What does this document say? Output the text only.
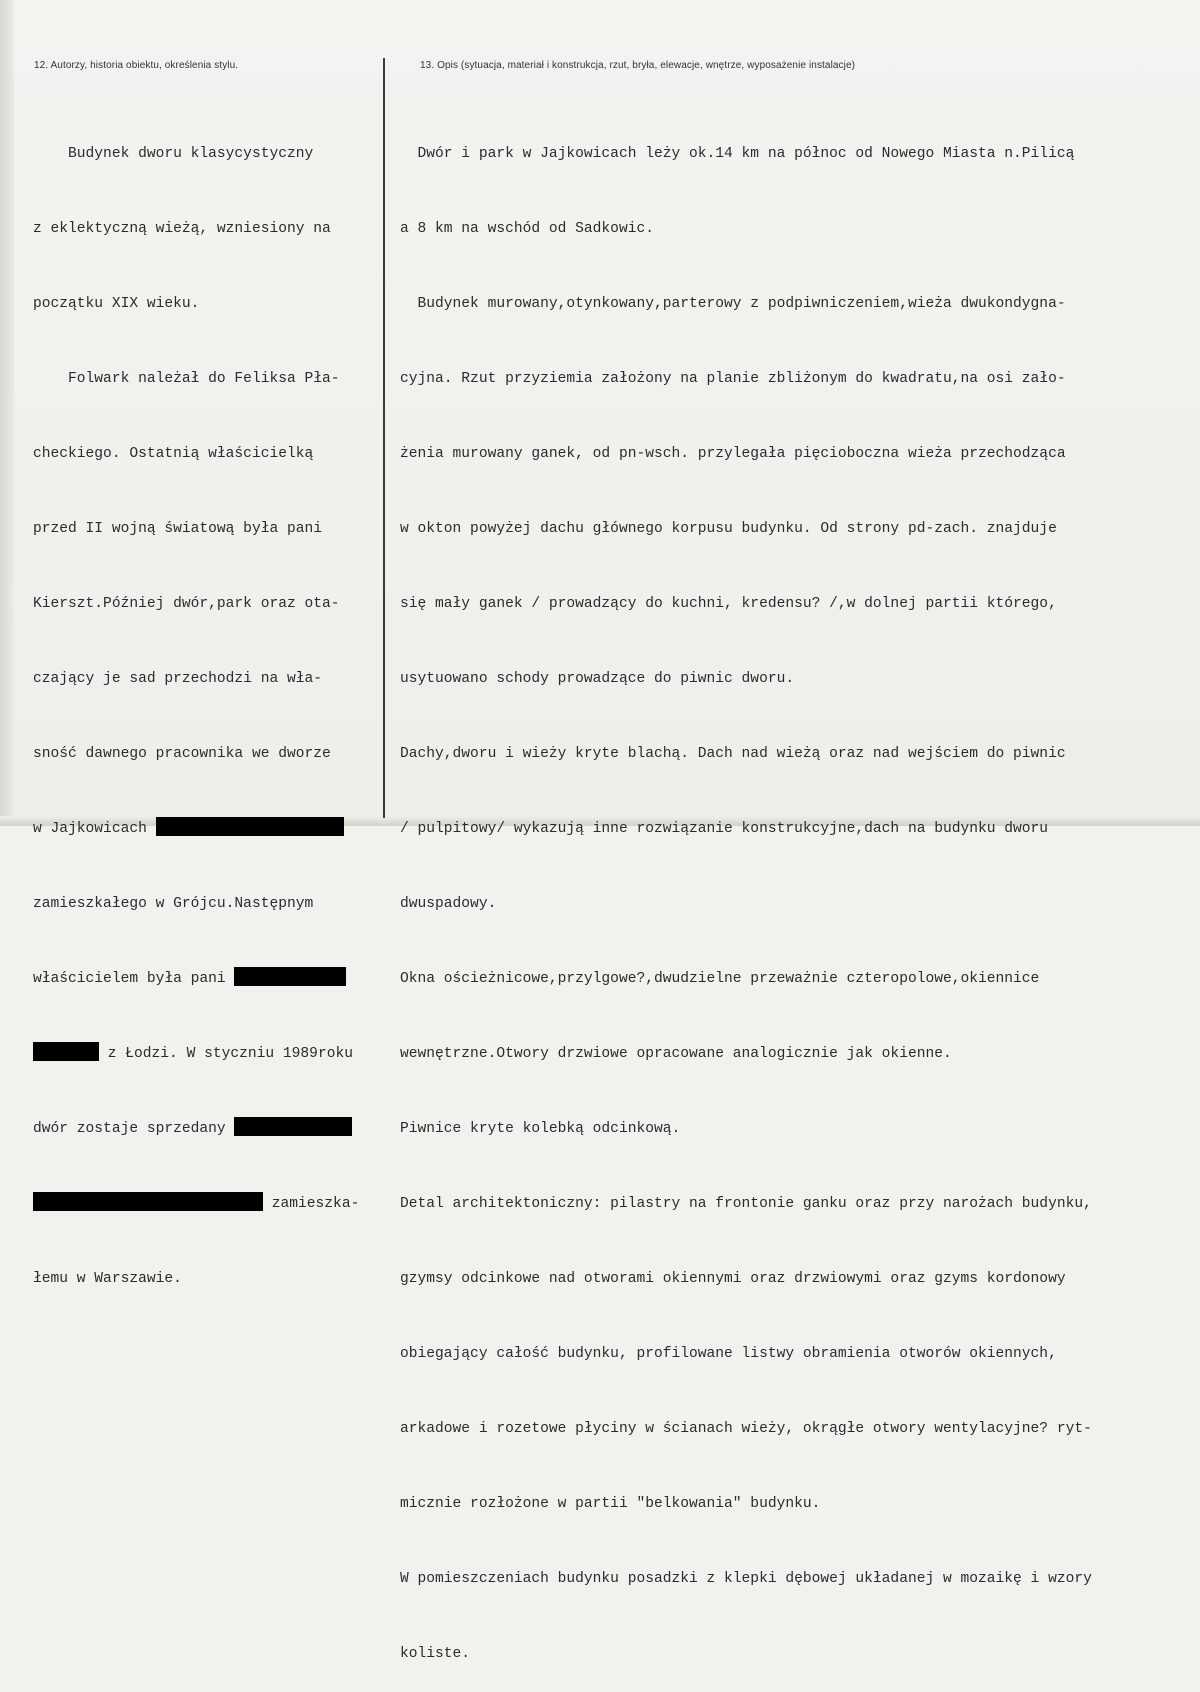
12. Autorzy, historia obiektu, określenia stylu.	13. Opis (sytuacja, materiał i konstrukcja, rzut, bryła, elewacje, wnętrze, wyposażenie instalacje)

Budynek dworu klasycystyczny

z eklektyczną wieżą, wzniesiony na

początku XIX wieku.

Folwark należał do Feliksa Pła-

checkiego. Ostatnią właścicielką

przed II wojną światową była pani

Kierszt.Później dwór,park oraz ota-

czający je sad przechodzi na wła-

sność dawnego pracownika we dworze

w Jajkowicach

zamieszkałego w Grójcu.Następnym

właścicielem była pani

z Łodzi. W styczniu 1989roku

dwór zostaje sprzedany

zamieszka-

łemu w Warszawie.

Dwór i park w Jajkowicach leży ok.14 km na północ od Nowego Miasta n.Pilicą

a 8 km na wschód od Sadkowic.

Budynek murowany,otynkowany,parterowy z podpiwniczeniem,wieża dwukondygna-

cyjna. Rzut przyziemia założony na planie zbliżonym do kwadratu,na osi zało-

żenia murowany ganek, od pn-wsch. przylegała pięcioboczna wieża przechodząca

w okton powyżej dachu głównego korpusu budynku. Od strony pd-zach. znajduje

się mały ganek / prowadzący do kuchni, kredensu? /,w dolnej partii którego,

usytuowano schody prowadzące do piwnic dworu.

Dachy,dworu i wieży kryte blachą. Dach nad wieżą oraz nad wejściem do piwnic

/ pulpitowy/ wykazują inne rozwiązanie konstrukcyjne,dach na budynku dworu

dwuspadowy.

Okna ościeżnicowe,przylgowe?,dwudzielne przeważnie czteropolowe,okiennice

wewnętrzne.Otwory drzwiowe opracowane analogicznie jak okienne.

Piwnice kryte kolebką odcinkową.

Detal architektoniczny: pilastry na frontonie ganku oraz przy narożach budynku,

gzymsy odcinkowe nad otworami okiennymi oraz drzwiowymi oraz gzyms kordonowy

obiegający całość budynku, profilowane listwy obramienia otworów okiennych,

arkadowe i rozetowe płyciny w ścianach wieży, okrągłe otwory wentylacyjne? ryt-

micznie rozłożone w partii "belkowania" budynku.

W pomieszczeniach budynku posadzki z klepki dębowej układanej w mozaikę i wzory

koliste.
